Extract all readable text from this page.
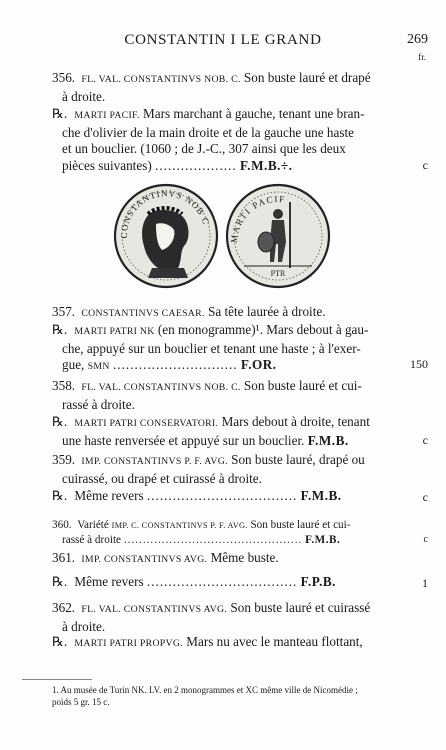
CONSTANTIN I LE GRAND	269
fr.
356. FL. VAL. CONSTANTINVS NOB. C. Son buste lauré et drapé
à droite.
c
℞. MARTI PACIF. Mars marchant à gauche, tenant une bran-
che d'olivier de la main droite et de la gauche une haste
et un bouclier. (1060 ; de J.-C., 307 ainsi que les deux
pièces suivantes) ................... F.M.B.÷.
357. CONSTANTINVS CAESAR. Sa tête laurée à droite.
150
℞. MARTI PATRI NK (en monogramme)¹. Mars debout à gau-
che, appuyé sur un bouclier et tenant une haste ; à l'exer-
gue, SMN ............................. F.OR.
358. FL. VAL. CONSTANTINVS NOB. C. Son buste lauré et cui-
rassé à droite.
c
℞. MARTI PATRI CONSERVATORI. Mars debout à droite, tenant
une haste renversée et appuyé sur un bouclier. F.M.B.
359. IMP. CONSTANTINVS P. F. AVG. Son buste lauré, drapé ou
cuirassé, ou drapé et cuirassé à droite.
c
℞. Même revers ................................... F.M.B.
c
360. Variété IMP. C. CONSTANTINVS P. F. AVG. Son buste lauré et cui-
rassé à droite ............................................... F.M.B.
361. IMP. CONSTANTINVS AVG. Même buste.
1
℞. Même revers ................................... F.P.B.
362. FL. VAL. CONSTANTINVS AVG. Son buste lauré et cuirassé
à droite.
℞. MARTI PATRI PROPVG. Mars nu avec le manteau flottant,
CONSTANTINVS NOB C
MARTI PACIF
PTR
1. Au musée de Turin NK. LV. en 2 monogrammes et XC même ville de Nicomédie ;
poids 5 gr. 15 c.
